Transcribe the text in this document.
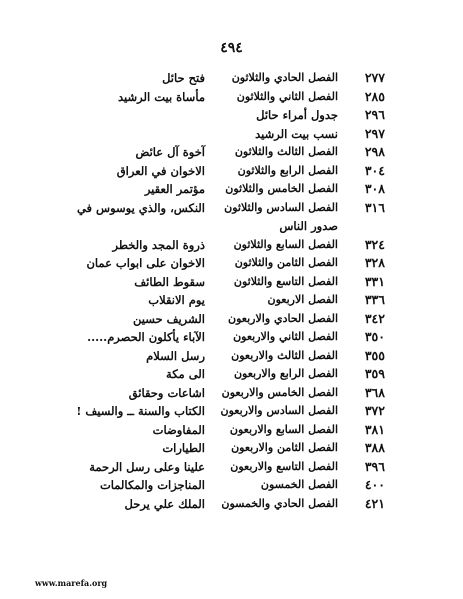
٤٩٤
٢٧٧
الفصل الحادي والثلاثون
فتح حائل
٢٨٥
الفصل الثاني والثلاثون
مأساة بيت الرشيد
٢٩٦
جدول أمراء حائل
٢٩٧
نسب بيت الرشيد
٢٩٨
الفصل الثالث والثلاثون
آخوة آل عائض
٣٠٤
الفصل الرابع والثلاثون
الاخوان في العراق
٣٠٨
الفصل الخامس والثلاثون
مؤتمر العقير
٣١٦
الفصل السادس والثلاثون
النكس، والذي يوسوس في
صدور الناس
٣٢٤
الفصل السابع والثلاثون
ذروة المجد والخطر
٣٢٨
الفصل الثامن والثلاثون
الاخوان على ابواب عمان
٣٣١
الفصل التاسع والثلاثون
سقوط الطائف
٣٣٦
الفصل الاربعون
يوم الانقلاب
٣٤٢
الفصل الحادي والاربعون
الشريف حسين
٣٥٠
الفصل الثاني والاربعون
الآباء يأكلون الحصرم.....
٣٥٥
الفصل الثالث والاربعون
رسل السلام
٣٥٩
الفصل الرابع والاربعون
الى مكة
٣٦٨
الفصل الخامس والاربعون
اشاعات وحقائق
٣٧٢
الفصل السادس والاربعون
الكتاب والسنة ــ والسيف !
٣٨١
الفصل السابع والاربعون
المفاوضات
٣٨٨
الفصل الثامن والاربعون
الطيارات
٣٩٦
الفصل التاسع والاربعون
علينا وعلى رسل الرحمة
٤٠٠
الفصل الخمسون
المناجزات والمكالمات
٤٢١
الفصل الحادي والخمسون
الملك علي يرحل
www.marefa.org
